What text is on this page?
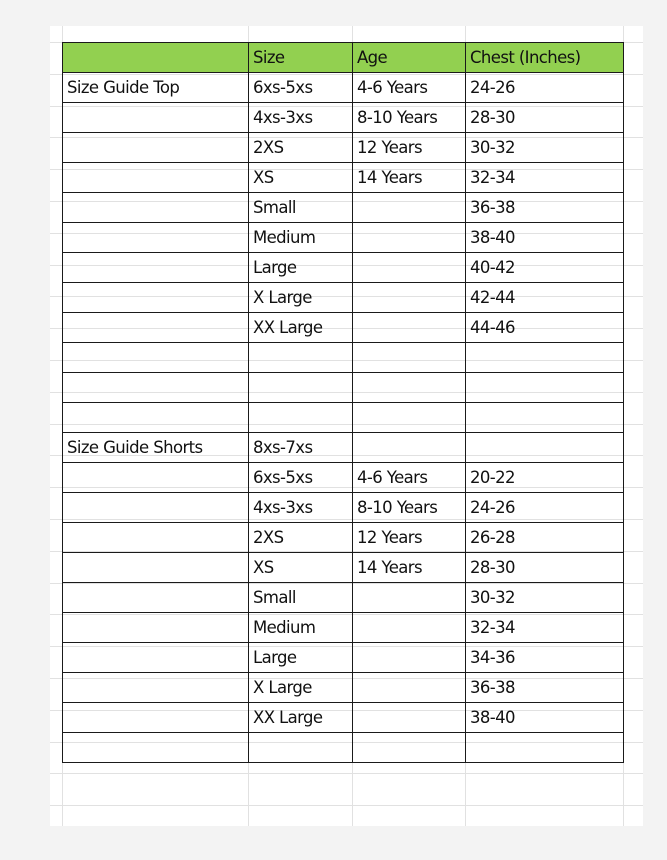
	Size	Age	Chest (Inches)
Size Guide Top	6xs-5xs	4-6 Years	24-26
	4xs-3xs	8-10 Years	28-30
	2XS	12 Years	30-32
	XS	14 Years	32-34
	Small		36-38
	Medium		38-40
	Large		40-42
	X Large		42-44
	XX Large		44-46

Size Guide Shorts	8xs-7xs		
	6xs-5xs	4-6 Years	20-22
	4xs-3xs	8-10 Years	24-26
	2XS	12 Years	26-28
	XS	14 Years	28-30
	Small		30-32
	Medium		32-34
	Large		34-36
	X Large		36-38
	XX Large		38-40
